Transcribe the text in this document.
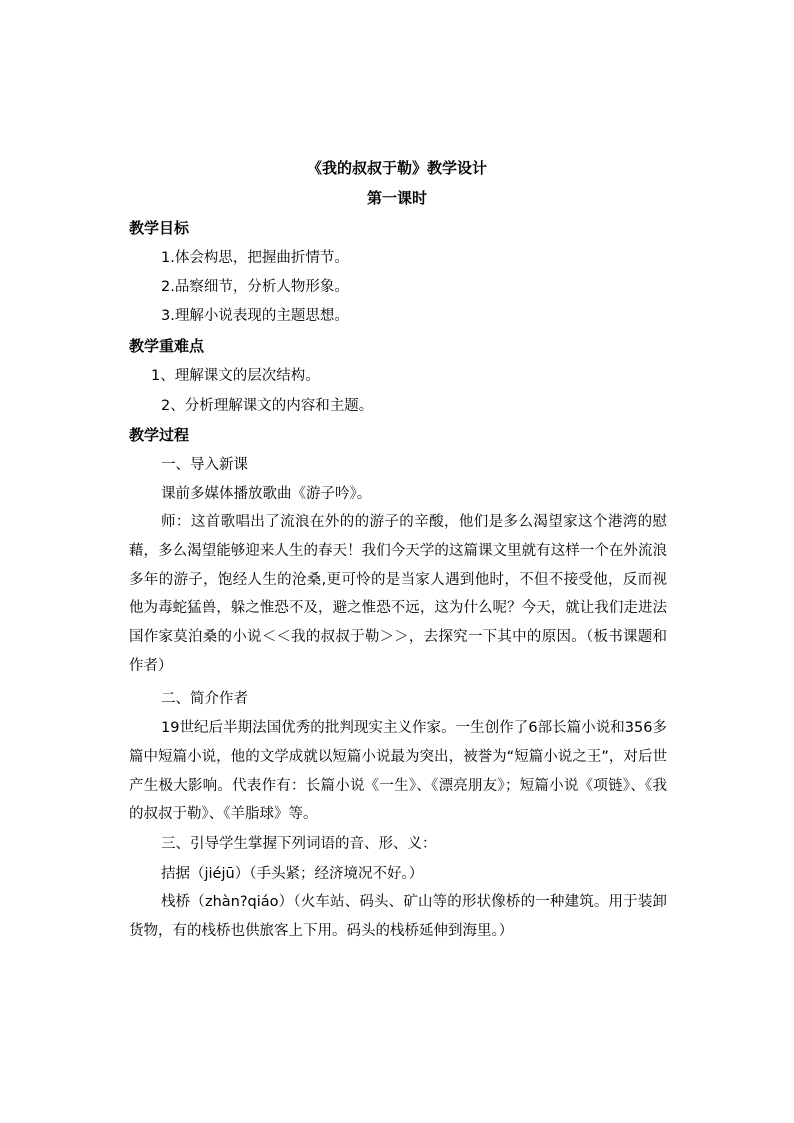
《我的叔叔于勒》教学设计
第一课时
教学目标
1.体会构思，把握曲折情节。
2.品察细节，分析人物形象。
3.理解小说表现的主题思想。
教学重难点
1、理解课文的层次结构。
2、分析理解课文的内容和主题。
教学过程
一、导入新课
课前多媒体播放歌曲《游子吟》。
师：这首歌唱出了流浪在外的的游子的辛酸，他们是多么渴望家这个港湾的慰藉，多么渴望能够迎来人生的春天！我们今天学的这篇课文里就有这样一个在外流浪多年的游子，饱经人生的沧桑,更可怜的是当家人遇到他时，不但不接受他，反而视他为毒蛇猛兽，躲之惟恐不及，避之惟恐不远，这为什么呢？今天，就让我们走进法国作家莫泊桑的小说＜＜我的叔叔于勒＞＞，去探究一下其中的原因。（板书课题和作者）
二、简介作者
19世纪后半期法国优秀的批判现实主义作家。一生创作了6部长篇小说和356多篇中短篇小说，他的文学成就以短篇小说最为突出，被誉为“短篇小说之王”，对后世产生极大影响。代表作有：长篇小说《一生》、《漂亮朋友》；短篇小说《项链》、《我的叔叔于勒》、《羊脂球》等。
三、引导学生掌握下列词语的音、形、义：
拮据（jiéjū）（手头紧；经济境况不好。）
栈桥（zhàn?qiáo）（火车站、码头、矿山等的形状像桥的一种建筑。用于装卸货物，有的栈桥也供旅客上下用。码头的栈桥延伸到海里。）
